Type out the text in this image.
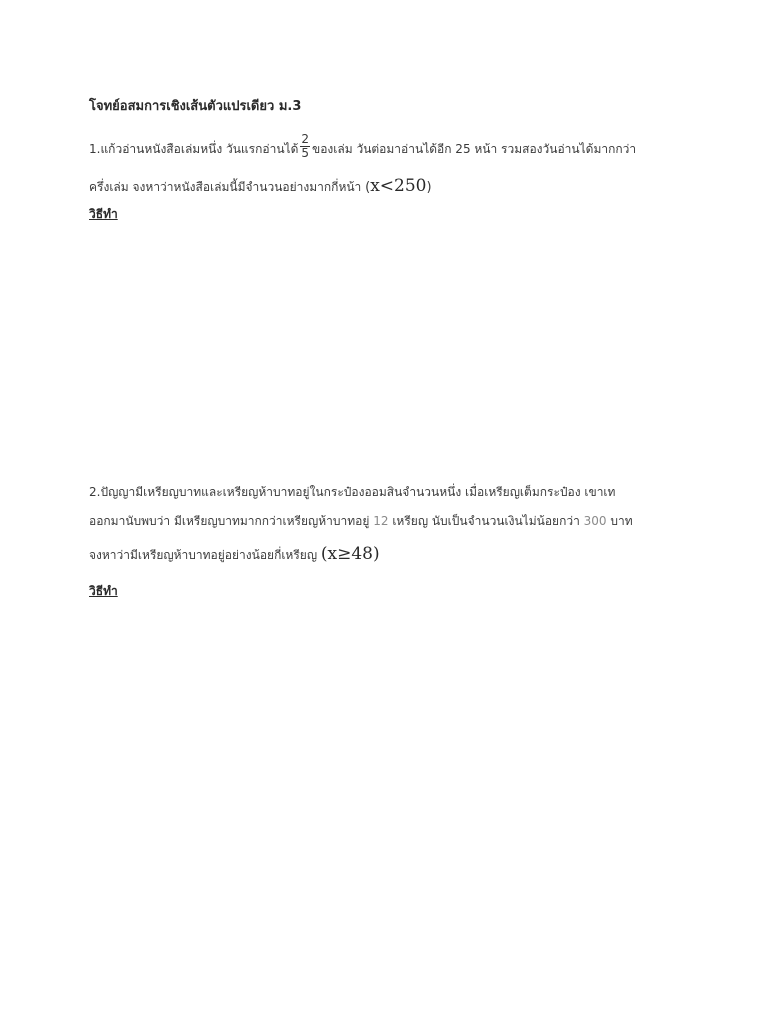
โจทย์อสมการเชิงเส้นตัวแปรเดียว ม.3
1.แก้วอ่านหนังสือเล่มหนึ่ง วันแรกอ่านได้ $\frac{2}{5}$ ของเล่ม วันต่อมาอ่านได้อีก 25 หน้า รวมสองวันอ่านได้มากกว่า
ครึ่งเล่ม จงหาว่าหนังสือเล่มนี้มีจำนวนอย่างมากกี่หน้า (x<250)
วิธีทำ
2.ปัญญามีเหรียญบาทและเหรียญห้าบาทอยู่ในกระป๋องออมสินจำนวนหนึ่ง เมื่อเหรียญเต็มกระป๋อง เขาเท
ออกมานับพบว่า มีเหรียญบาทมากกว่าเหรียญห้าบาทอยู่ 12 เหรียญ นับเป็นจำนวนเงินไม่น้อยกว่า 300 บาท
จงหาว่ามีเหรียญห้าบาทอยู่อย่างน้อยกี่เหรียญ (x≥48)
วิธีทำ
